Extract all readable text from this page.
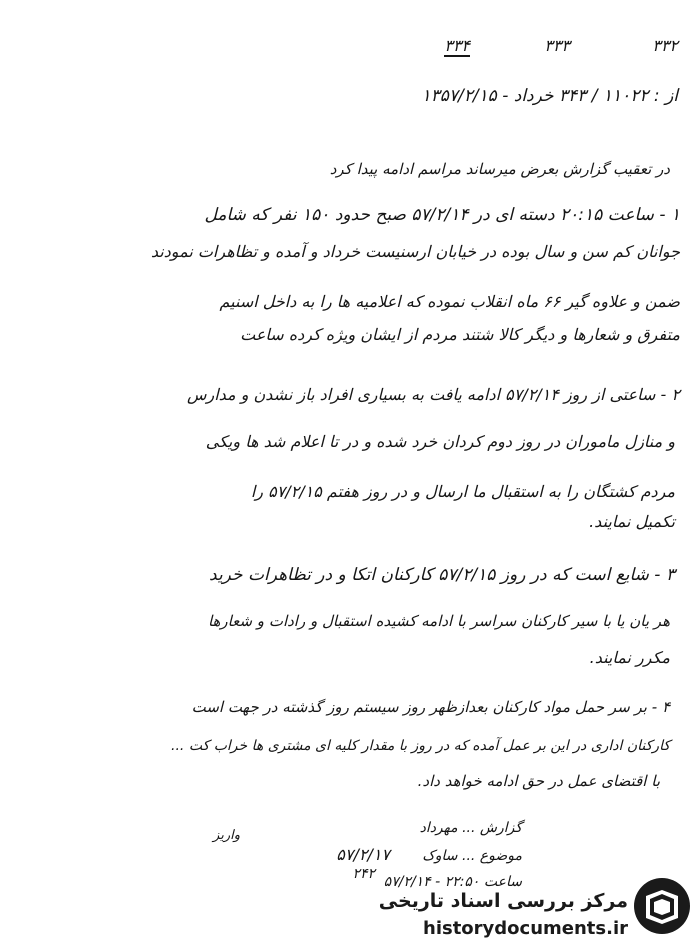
۳۳۴	۳۳۳	۳۳۲
از : ۱۱۰۲۲ / ۳۴۳ خرداد - ۱۳۵۷/۲/۱۵
در تعقیب گزارش بعرض میرساند مراسم ادامه پیدا کرد
۱ - ساعت ۲۰:۱۵ دسته ای در ۵۷/۲/۱۴ صبح حدود ۱۵۰ نفر که شامل
جوانان کم سن و سال بوده در خیابان ارسنیست خرداد و آمده و تظاهرات نمودند
ضمن و علاوه گیر ۶۶ ماه انقلاب نموده که اعلامیه ها را به داخل اسنیم
متفرق و شعارها و دیگر کالا شتند مردم از ایشان ویژه کرده ساعت
۲ - ساعتی از روز ۵۷/۲/۱۴ ادامه یافت به بسیاری افراد باز نشدن و مدارس
و منازل ماموران در روز دوم کردان خرد شده و در تا اعلام شد ها ویکی
مردم کشتگان را به استقبال ما ارسال و در روز هفتم ۵۷/۲/۱۵ را
تکمیل نمایند.
۳ - شایع است که در روز ۵۷/۲/۱۵ کارکنان اتکا و در تظاهرات خرید
هر یان یا با سیر کارکنان سراسر با ادامه کشیده استقبال و رادات و شعارها
مکرر نمایند.
۴ - بر سر حمل مواد کارکنان بعدازظهر روز سیستم روز گذشته در جهت است
کارکنان اداری در این بر عمل آمده که در روز با مقدار کلیه ای مشتری ها خراب کت ...
با اقتضای عمل در حق ادامه خواهد داد.
گزارش ... مهرداد
موضوع ... ساوک
ساعت ۲۲:۵۰ - ۵۷/۲/۱۴
۵۷/۲/۱۷
۲۴۲
واریز
مرکز بررسی اسناد تاریخی
historydocuments.ir
